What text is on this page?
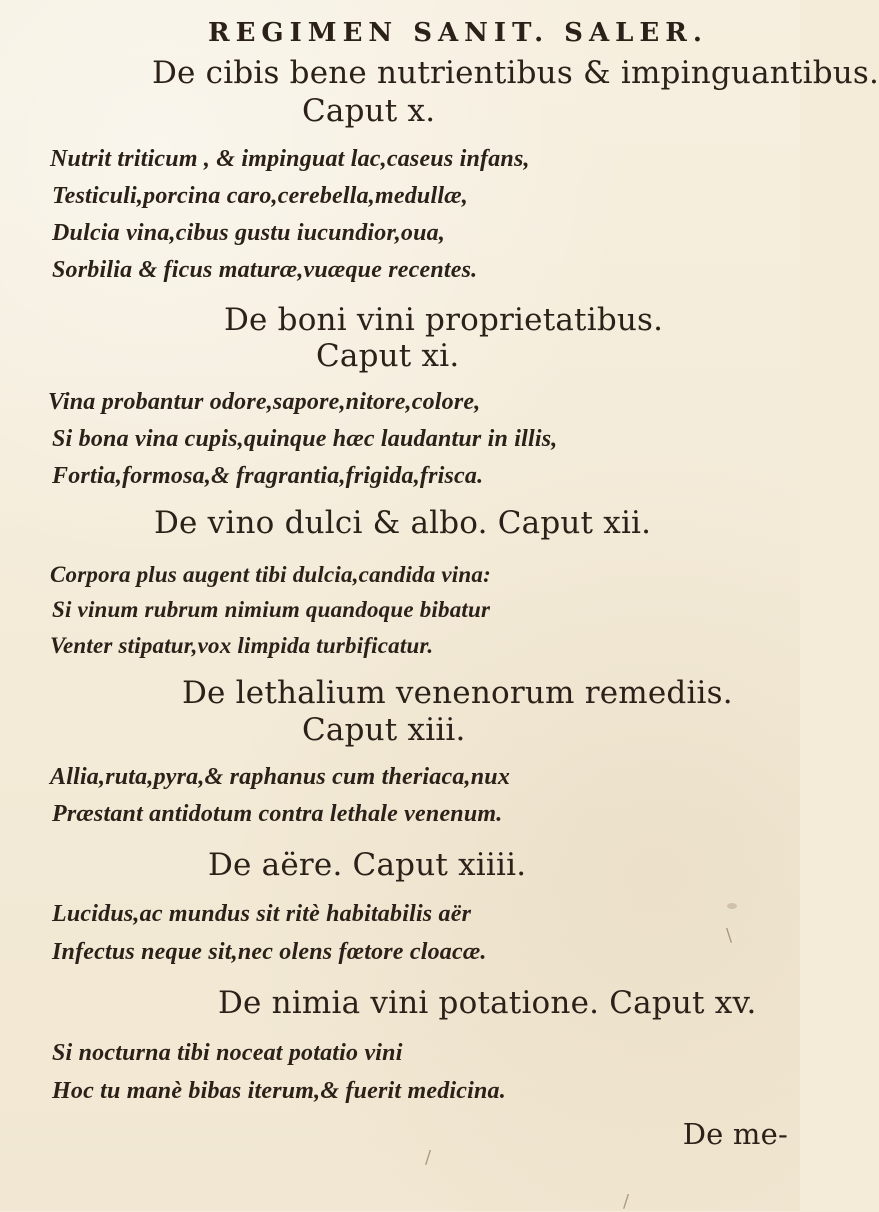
REGIMEN SANIT. SALER.
De cibis bene nutrientibus & impinguantibus.
Caput x.
Nutrit triticum , & impinguat lac,caseus infans,
Testiculi,porcina caro,cerebella,medullæ,
Dulcia vina,cibus gustu iucundior,oua,
Sorbilia & ficus maturæ,vuæque recentes.
De boni vini proprietatibus.
Caput xi.
Vina probantur odore,sapore,nitore,colore,
Si bona vina cupis,quinque hæc laudantur in illis,
Fortia,formosa,& fragrantia,frigida,frisca.
De vino dulci & albo. Caput xii.
Corpora plus augent tibi dulcia,candida vina:
Si vinum rubrum nimium quandoque bibatur
Venter stipatur,vox limpida turbificatur.
De lethalium venenorum remediis.
Caput xiii.
Allia,ruta,pyra,& raphanus cum theriaca,nux
Præstant antidotum contra lethale venenum.
De aëre. Caput xiiii.
Lucidus,ac mundus sit ritè habitabilis aër
Infectus neque sit,nec olens fœtore cloacæ.
De nimia vini potatione. Caput xv.
Si nocturna tibi noceat potatio vini
Hoc tu manè bibas iterum,& fuerit medicina.
De me-
\
/
/
